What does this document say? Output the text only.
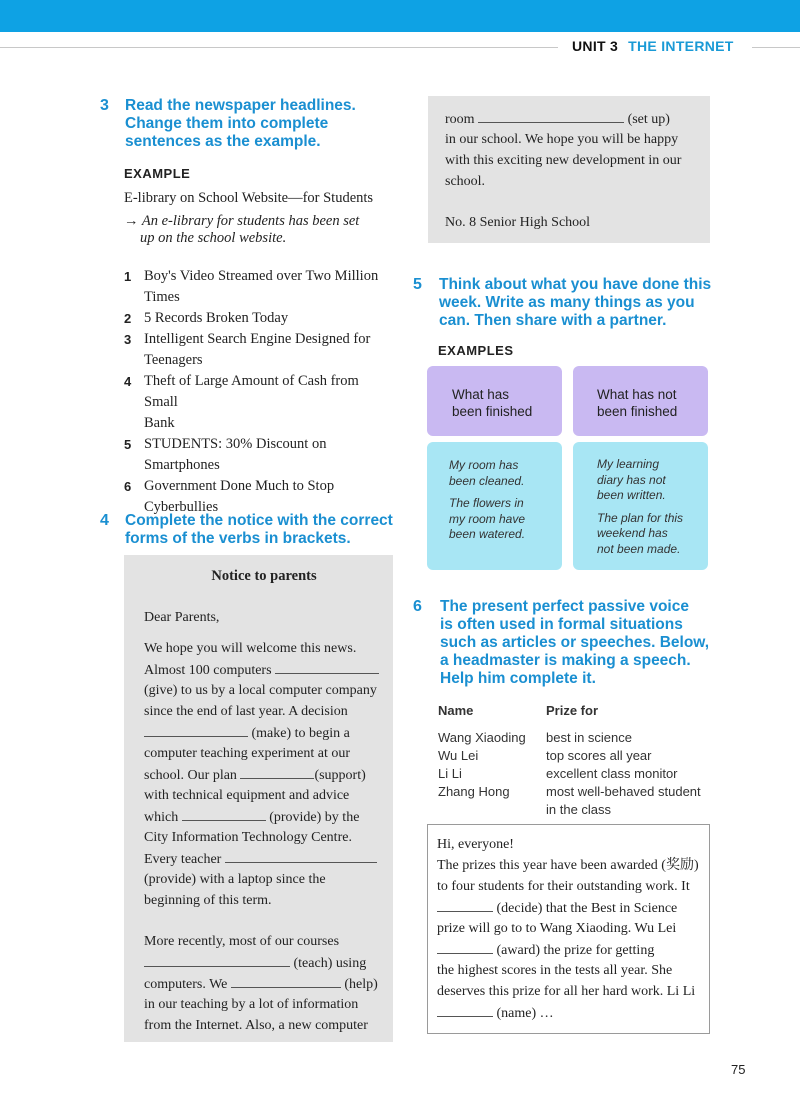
UNIT 3 THE INTERNET
3 Read the newspaper headlines.
Change them into complete
sentences as the example.
EXAMPLE
E-library on School Website—for Students
→ An e-library for students has been set
up on the school website.
1 Boy's Video Streamed over Two Million
Times
2 5 Records Broken Today
3 Intelligent Search Engine Designed for
Teenagers
4 Theft of Large Amount of Cash from Small
Bank
5 STUDENTS: 30% Discount on
Smartphones
6 Government Done Much to Stop
Cyberbullies
4 Complete the notice with the correct
forms of the verbs in brackets.
Notice to parents
Dear Parents,
We hope you will welcome this news.
Almost 100 computers
(give) to us by a local computer company
since the end of last year. A decision
(make) to begin a
computer teaching experiment at our
school. Our plan	(support)
with technical equipment and advice
which	(provide) by the
City Information Technology Centre.
Every teacher
(provide) with a laptop since the
beginning of this term.
More recently, most of our courses
(teach) using
computers. We	(help)
in our teaching by a lot of information
from the Internet. Also, a new computer
room	(set up)
in our school. We hope you will be happy
with this exciting new development in our
school.
No. 8 Senior High School
5 Think about what you have done this
week. Write as many things as you
can. Then share with a partner.
EXAMPLES
What has
been finished
What has not
been finished
My room has
been cleaned.
The flowers in
my room have
been watered.
My learning
diary has not
been written.
The plan for this
weekend has
not been made.
6 The present perfect passive voice
is often used in formal situations
such as articles or speeches. Below,
a headmaster is making a speech.
Help him complete it.
Name	Prize for
Wang Xiaoding best in science
Wu Lei	top scores all year
Li Li	excellent class monitor
Zhang Hong	most well-behaved student
in the class
Hi, everyone!
The prizes this year have been awarded (奖励)
to four students for their outstanding work. It
(decide) that the Best in Science
prize will go to to Wang Xiaoding. Wu Lei
(award) the prize for getting
the highest scores in the tests all year. She
deserves this prize for all her hard work. Li Li
(name) …
75
